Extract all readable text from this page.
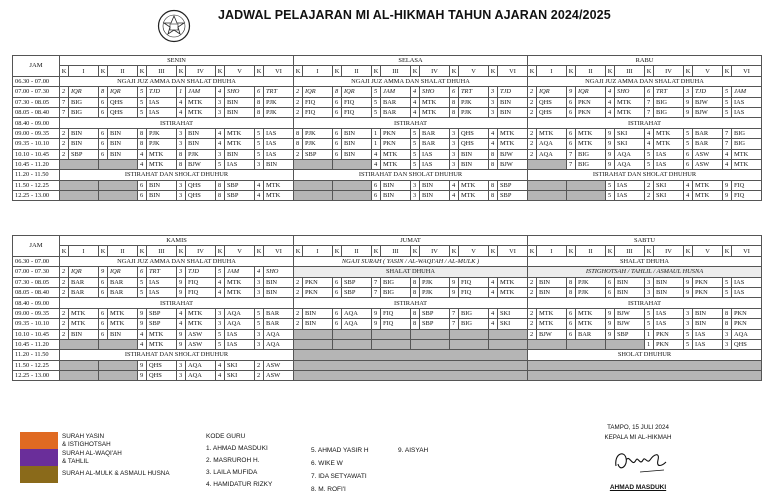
JADWAL PELAJARAN MI AL-HIKMAH TAHUN AJARAN 2024/2025
JAM	SENIN												SELASA												RABU											
	K	I	K	II	K	III	K	IV	K	V	K	VI	K	I	K	II	K	III	K	IV	K	V	K	VI	K	I	K	II	K	III	K	IV	K	V	K	VI
06.30 - 07.00	NGAJI JUZ AMMA DAN SHALAT DHUHA												NGAJI JUZ AMMA DAN SHALAT DHUHA												NGAJI JUZ AMMA DAN SHALAT DHUHA											
07.00 - 07.30	2	IQR	8	IQR	5	TJD	1	JAM	4	SHO	6	TRT	2	IQR	8	IQR	5	JAM	4	SHO	6	TRT	3	TJD	2	IQR	9	IQR	4	SHO	6	TRT	3	TJD	5	JAM
07.30 - 08.05	7	BIG	6	QHS	5	IAS	4	MTK	3	BIN	8	PJK	2	FIQ	6	FIQ	5	BAR	4	MTK	8	PJK	3	BIN	2	QHS	6	PKN	4	MTK	7	BIG	9	BJW	5	IAS
08.05 - 08.40	7	BIG	6	QHS	5	IAS	4	MTK	3	BIN	8	PJK	2	FIQ	6	FIQ	5	BAR	4	MTK	8	PJK	3	BIN	2	QHS	6	PKN	4	MTK	7	BIG	9	BJW	5	IAS
08.40 - 09.00	ISTIRAHAT												ISTIRAHAT												ISTIRAHAT											
09.00 - 09.35	2	BIN	6	BIN	8	PJK	3	BIN	4	MTK	5	IAS	8	PJK	6	BIN	1	PKN	5	BAR	3	QHS	4	MTK	2	MTK	6	MTK	9	SKI	4	MTK	5	BAR	7	BIG
09.35 - 10.10	2	BIN	6	BIN	8	PJK	3	BIN	4	MTK	5	IAS	8	PJK	6	BIN	1	PKN	5	BAR	3	QHS	4	MTK	2	AQA	6	MTK	9	SKI	4	MTK	5	BAR	7	BIG
10.10 - 10.45	2	SBP	6	BIN	4	MTK	8	PJK	3	BIN	5	IAS	2	SBP	6	BIN	4	MTK	5	IAS	3	BIN	8	BJW	2	AQA	7	BIG	9	AQA	5	IAS	6	ASW	4	MTK
10.45 - 11.20					4	MTK	8	BJW	5	IAS	3	BIN					4	MTK	5	IAS	3	BIN	8	BJW			7	BIG	9	AQA	5	IAS	6	ASW	4	MTK
11.20 - 11.50	ISTIRAHAT DAN SHOLAT DHUHUR												ISTIRAHAT DAN SHOLAT DHUHUR												ISTIRAHAT DAN SHOLAT DHUHUR											
11.50 - 12.25					6	BIN	3	QHS	8	SBP	4	MTK					6	BIN	3	BIN	4	MTK	8	SBP					5	IAS	2	SKI	4	MTK	9	FIQ
12.25 - 13.00					6	BIN	3	QHS	8	SBP	4	MTK					6	BIN	3	BIN	4	MTK	8	SBP					5	IAS	2	SKI	4	MTK	9	FIQ
JAM	KAMIS												JUMAT												SABTU											
	K	I	K	II	K	III	K	IV	K	V	K	VI	K	I	K	II	K	III	K	IV	K	V	K	VI	K	I	K	II	K	III	K	IV	K	V	K	VI
06.30 - 07.00	NGAJI JUZ AMMA DAN SHALAT DHUHA												NGAJI SURAH ( YASIN / AL-WAQI'AH / AL-MULK )												SHALAT DHUHA											
07.00 - 07.30	2	IQR	9	IQR	6	TRT	3	TJD	5	JAM	4	SHO	SHALAT DHUHA												ISTIGHOTSAH / TAHLIL / ASMAUL HUSNA											
07.30 - 08.05	2	BAR	6	BAR	5	IAS	9	FIQ	4	MTK	3	BIN	2	PKN	6	SBP	7	BIG	8	PJK	9	FIQ	4	MTK	2	BIN	8	PJK	6	BIN	3	BIN	9	PKN	5	IAS
08.05 - 08.40	2	BAR	6	BAR	5	IAS	9	FIQ	4	MTK	3	BIN	2	PKN	6	SBP	7	BIG	8	PJK	9	FIQ	4	MTK	2	BIN	8	PJK	6	BIN	3	BIN	9	PKN	5	IAS
08.40 - 09.00	ISTIRAHAT												ISTIRAHAT												ISTIRAHAT											
09.00 - 09.35	2	MTK	6	MTK	9	SBP	4	MTK	3	AQA	5	BAR	2	BIN	6	AQA	9	FIQ	8	SBP	7	BIG	4	SKI	2	MTK	6	MTK	9	BJW	5	IAS	3	BIN	8	PKN
09.35 - 10.10	2	MTK	6	MTK	9	SBP	4	MTK	3	AQA	5	BAR	2	BIN	6	AQA	9	FIQ	8	SBP	7	BIG	4	SKI	2	MTK	6	MTK	9	BJW	5	IAS	3	BIN	8	PKN
10.10 - 10.45	2	BIN	6	BIN	4	MTK	9	ASW	5	IAS	3	AQA													2	BJW	6	BAR	9	SBP	1	PKN	5	IAS	3	AQA
10.45 - 11.20					4	MTK	9	ASW	5	IAS	3	AQA																			1	PKN	5	IAS	3	QHS
11.20 - 11.50	ISTIRAHAT DAN SHOLAT DHUHUR																								SHOLAT DHUHUR											
11.50 - 12.25					9	QHS	3	AQA	4	SKI	2	ASW																								
12.25 - 13.00					9	QHS	3	AQA	4	SKI	2	ASW																								
SURAH YASIN
& ISTIGHOTSAH
SURAH AL-WAQI'AH
& TAHLIL
SURAH AL-MULK & ASMAUL HUSNA
KODE GURU
1. AHMAD MASDUKI
2. MASRUROH H.
3. LAILA MUFIDA
4. HAMIDATUR RIZKY
5. AHMAD YASIR H
6. WIKE W
7. IDA SETYAWATI
8. M. ROFI'I
9. AISYAH
TAMPO, 15 JULI 2024
KEPALA MI AL-HIKMAH
AHMAD MASDUKI
